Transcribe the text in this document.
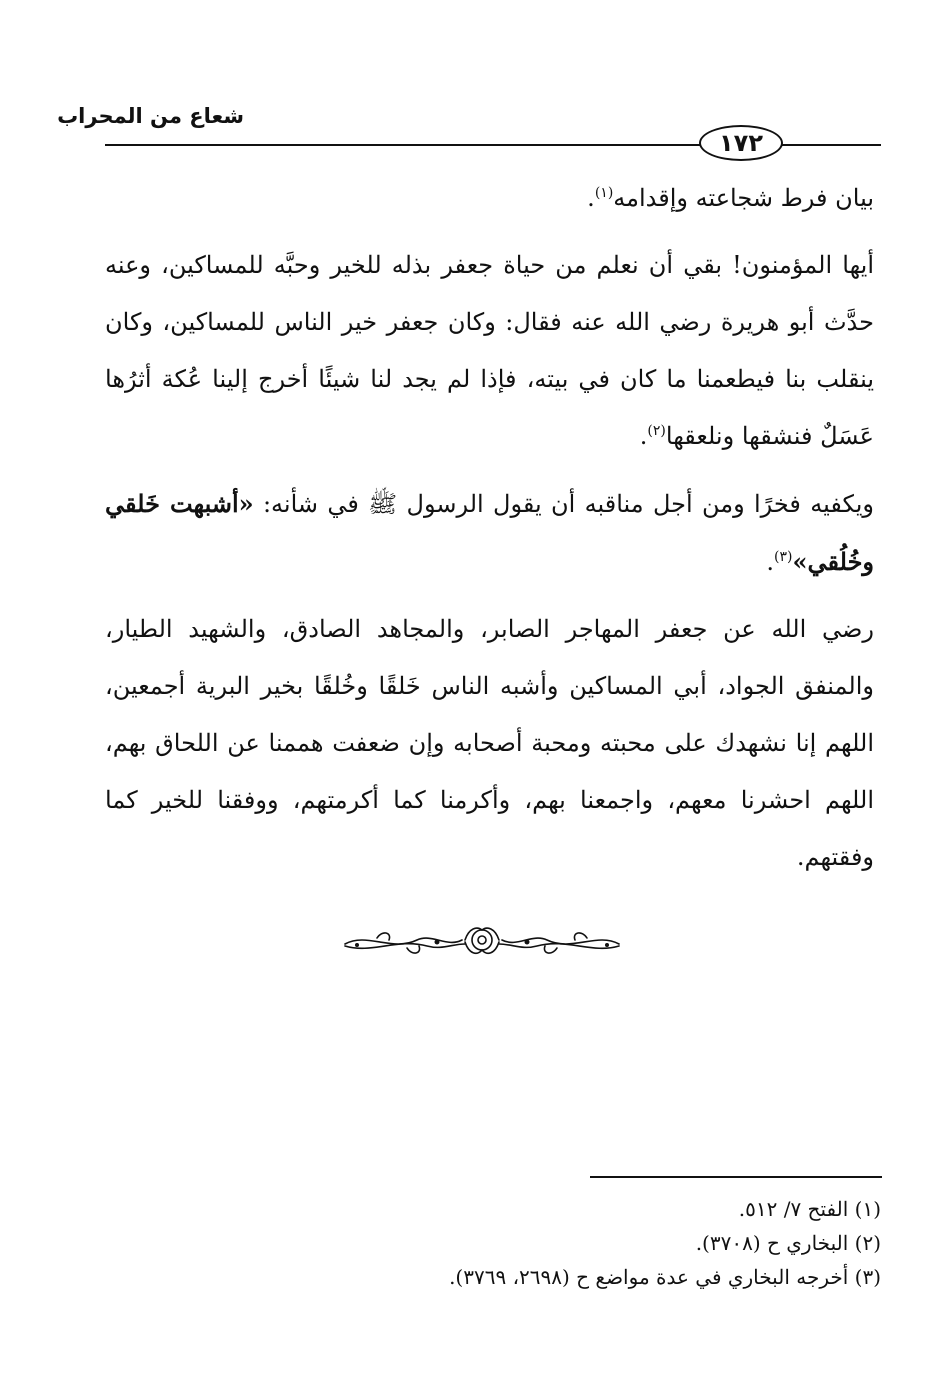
شعاع من المحراب
١٧٢

بيان فرط شجاعته وإقدامه$^{(١)}$.

أيها المؤمنون! بقي أن نعلم من حياة جعفر بذله للخير وحبَّه للمساكين، وعنه حدَّث أبو هريرة رضي الله عنه فقال: وكان جعفر خير الناس للمساكين، وكان ينقلب بنا فيطعمنا ما كان في بيته، فإذا لم يجد لنا شيئًا أخرج إلينا عُكة أثرُها عَسَلٌ فنشقها ونلعقها$^{(٢)}$.

ويكفيه فخرًا ومن أجل مناقبه أن يقول الرسول ﷺ في شأنه: «أشبهت خَلقي وخُلُقي»$^{(٣)}$.

رضي الله عن جعفر المهاجر الصابر، والمجاهد الصادق، والشهيد الطيار، والمنفق الجواد، أبي المساكين وأشبه الناس خَلقًا وخُلقًا بخير البرية أجمعين، اللهم إنا نشهدك على محبته ومحبة أصحابه وإن ضعفت هممنا عن اللحاق بهم، اللهم احشرنا معهم، واجمعنا بهم، وأكرمنا كما أكرمتهم، ووفقنا للخير كما وفقتهم.

(١) الفتح ٧/ ٥١٢.

(٢) البخاري ح (٣٧٠٨).

(٣) أخرجه البخاري في عدة مواضع ح (٢٦٩٨، ٣٧٦٩).
